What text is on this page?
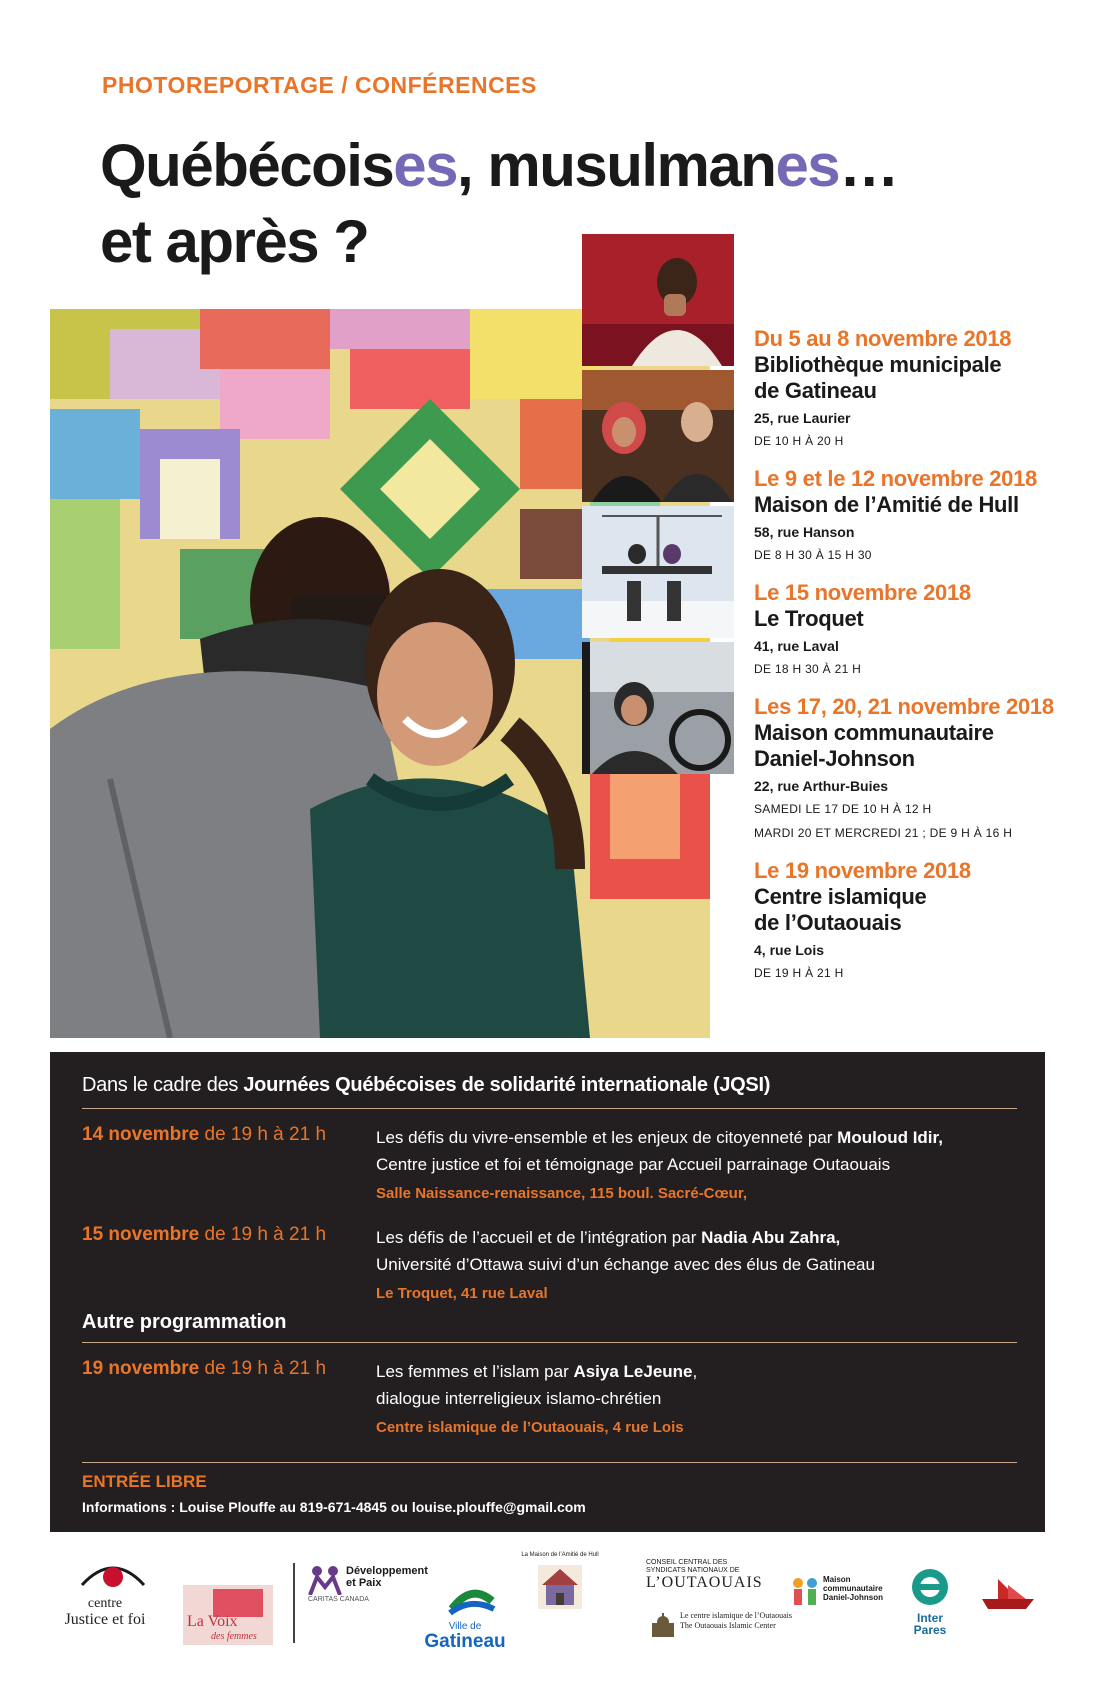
PHOTOREPORTAGE / CONFÉRENCES
Québécoises, musulmanes…
et après ?
Du 5 au 8 novembre 2018
Bibliothèque municipale
de Gatineau
25, rue Laurier
DE 10 H À 20 H
Le 9 et le 12 novembre 2018
Maison de l’Amitié de Hull
58, rue Hanson
DE 8 H 30 À 15 H 30
Le 15 novembre 2018
Le Troquet
41, rue Laval
DE 18 H 30 À 21 H
Les 17, 20, 21 novembre 2018
Maison communautaire
Daniel-Johnson
22, rue Arthur-Buies
SAMEDI LE 17 DE 10 H À 12 H
MARDI 20 ET MERCREDI 21 ; DE 9 H À 16 H
Le 19 novembre 2018
Centre islamique
de l’Outaouais
4, rue Lois
DE 19 H À 21 H
Dans le cadre des Journées Québécoises de solidarité internationale (JQSI)
14 novembre de 19 h à 21 h	Les défis du vivre-ensemble et les enjeux de citoyenneté par Mouloud Idir,
Centre justice et foi et témoignage par Accueil parrainage Outaouais
Salle Naissance-renaissance, 115 boul. Sacré-Cœur,
15 novembre de 19 h à 21 h	Les défis de l’accueil et de l’intégration par Nadia Abu Zahra,
Université d’Ottawa suivi d’un échange avec des élus de Gatineau
Le Troquet, 41 rue Laval
Autre programmation
19 novembre de 19 h à 21 h	Les femmes et l’islam par Asiya LeJeune,
dialogue interreligieux islamo-chrétien
Centre islamique de l’Outaouais, 4 rue Lois
ENTRÉE LIBRE
Informations : Louise Plouffe au 819-671-4845 ou louise.plouffe@gmail.com
centre
Justice et foi	La Voix
des femmes
Développement
et Paix
CARITAS CANADA
Ville de
Gatineau
La Maison de l’Amitié de Hull
CONSEIL CENTRAL DES
SYNDICATS NATIONAUX DE
L’OUTAOUAIS
Le centre islamique de l’Outaouais
The Outaouais Islamic Center
Maison
communautaire
Daniel-Johnson
Inter
Pares
